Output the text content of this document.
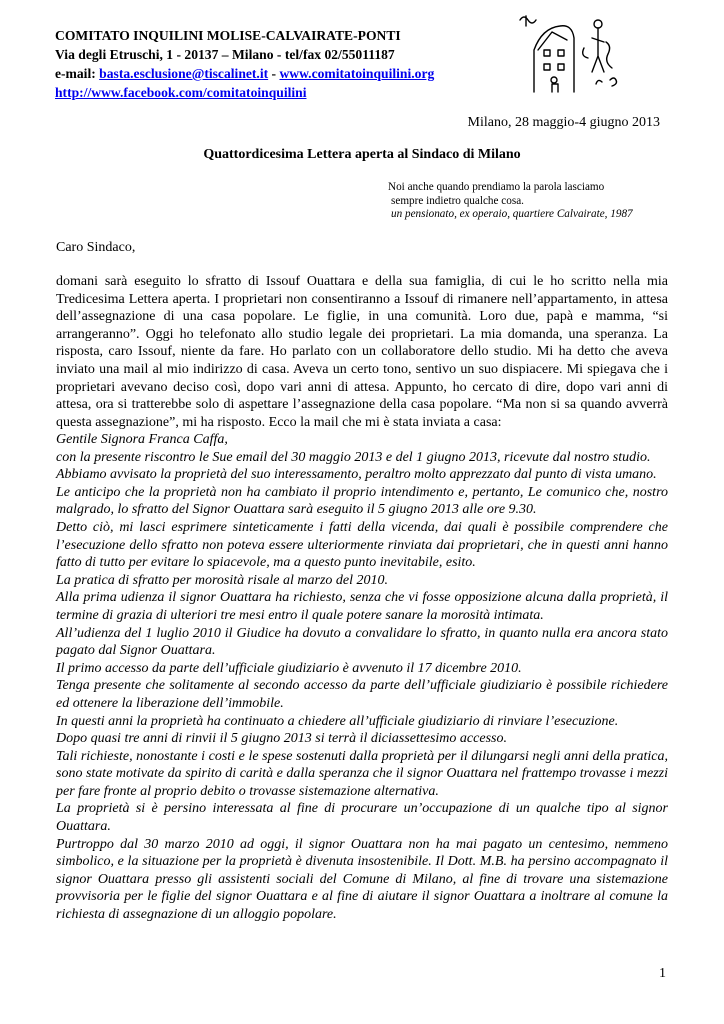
COMITATO INQUILINI MOLISE-CALVAIRATE-PONTI
Via degli Etruschi, 1 - 20137 – Milano - tel/fax 02/55011187
e-mail: basta.esclusione@tiscalinet.it - www.comitatoinquilini.org
http://www.facebook.com/comitatoinquilini
Milano, 28 maggio-4 giugno 2013
Quattordicesima Lettera aperta al Sindaco di Milano
Noi anche quando prendiamo la parola lasciamo
sempre indietro qualche cosa.
un pensionato, ex operaio, quartiere Calvairate, 1987
Caro Sindaco,

domani sarà eseguito lo sfratto di Issouf Ouattara e della sua famiglia, di cui le ho scritto nella mia Tredicesima Lettera aperta. I proprietari non consentiranno a Issouf di rimanere nell’appartamento, in attesa dell’assegnazione di una casa popolare. Le figlie, in una comunità. Loro due, papà e mamma, “si arrangeranno”. Oggi ho telefonato allo studio legale dei proprietari. La mia domanda, una speranza. La risposta, caro Issouf, niente da fare. Ho parlato con un collaboratore dello studio. Mi ha detto che aveva inviato una mail al mio indirizzo di casa. Aveva un certo tono, sentivo un suo dispiacere. Mi spiegava che i proprietari avevano deciso così, dopo vari anni di attesa. Appunto, ho cercato di dire, dopo vari anni di attesa, ora si tratterebbe solo di aspettare l’assegnazione della casa popolare. “Ma non si sa quando avverrà questa assegnazione”, mi ha risposto. Ecco la mail che mi è stata inviata a casa:

Gentile Signora Franca Caffa,

con la presente riscontro le Sue email del 30 maggio 2013 e del 1 giugno 2013, ricevute dal nostro studio.

Abbiamo avvisato la proprietà del suo interessamento, peraltro molto apprezzato dal punto di vista umano.

Le anticipo che la proprietà non ha cambiato il proprio intendimento e, pertanto, Le comunico che, nostro malgrado, lo sfratto del Signor Ouattara sarà eseguito il 5 giugno 2013 alle ore 9.30.

Detto ciò, mi lasci esprimere sinteticamente i fatti della vicenda, dai quali è possibile comprendere che l’esecuzione dello sfratto non poteva essere ulteriormente rinviata dai proprietari, che in questi anni hanno fatto di tutto per evitare lo spiacevole, ma a questo punto inevitabile, esito.

La pratica di sfratto per morosità risale al marzo del 2010.

Alla prima udienza il signor Ouattara ha richiesto, senza che vi fosse opposizione alcuna dalla proprietà, il termine di grazia di ulteriori tre mesi entro il quale potere sanare la morosità intimata.

All’udienza del 1 luglio 2010 il Giudice ha dovuto a convalidare lo sfratto, in quanto nulla era ancora stato pagato dal Signor Ouattara.

Il primo accesso da parte dell’ufficiale giudiziario è avvenuto il 17 dicembre 2010.

Tenga presente che solitamente al secondo accesso da parte dell’ufficiale giudiziario è possibile richiedere ed ottenere la liberazione dell’immobile.

In questi anni la proprietà ha continuato a chiedere all’ufficiale giudiziario di rinviare l’esecuzione.

Dopo quasi tre anni di rinvii il 5 giugno 2013 si terrà il diciassettesimo accesso.

Tali richieste, nonostante i costi e le spese sostenuti dalla proprietà per il dilungarsi negli anni della pratica, sono state motivate da spirito di carità e dalla speranza che il signor Ouattara nel frattempo trovasse i mezzi per fare fronte al proprio debito o trovasse sistemazione alternativa.

La proprietà si è persino interessata al fine di procurare un’occupazione di un qualche tipo al signor Ouattara.

Purtroppo dal 30 marzo 2010 ad oggi, il signor Ouattara non ha mai pagato un centesimo, nemmeno simbolico, e la situazione per la proprietà è divenuta insostenibile. Il Dott. M.B. ha persino accompagnato il signor Ouattara presso gli assistenti sociali del Comune di Milano, al fine di trovare una sistemazione provvisoria per le figlie del signor Ouattara e al fine di aiutare il signor Ouattara a inoltrare al comune la richiesta di assegnazione di un alloggio popolare.

1
